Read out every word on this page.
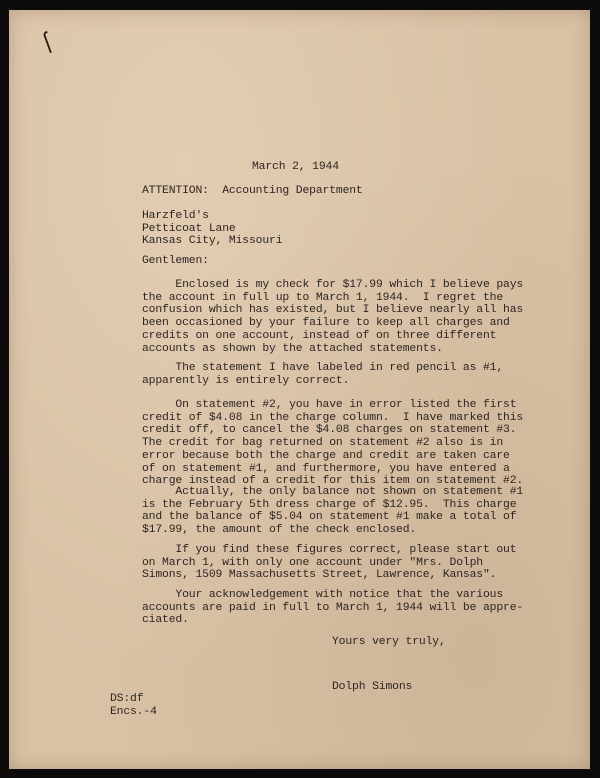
March 2, 1944

ATTENTION:  Accounting Department

Harzfeld's
Petticoat Lane
Kansas City, Missouri

Gentlemen:

Enclosed is my check for $17.99 which I believe pays
the account in full up to March 1, 1944.  I regret the
confusion which has existed, but I believe nearly all has
been occasioned by your failure to keep all charges and
credits on one account, instead of on three different
accounts as shown by the attached statements.
The statement I have labeled in red pencil as #1,
apparently is entirely correct.
On statement #2, you have in error listed the first
credit of $4.08 in the charge column.  I have marked this
credit off, to cancel the $4.08 charges on statement #3.
The credit for bag returned on statement #2 also is in
error because both the charge and credit are taken care
of on statement #1, and furthermore, you have entered a
charge instead of a credit for this item on statement #2.
Actually, the only balance not shown on statement #1
is the February 5th dress charge of $12.95.  This charge
and the balance of $5.04 on statement #1 make a total of
$17.99, the amount of the check enclosed.
If you find these figures correct, please start out
on March 1, with only one account under "Mrs. Dolph
Simons, 1509 Massachusetts Street, Lawrence, Kansas".
Your acknowledgement with notice that the various
accounts are paid in full to March 1, 1944 will be appre-
ciated.

Yours very truly,

Dolph Simons

DS:df

Encs.-4
